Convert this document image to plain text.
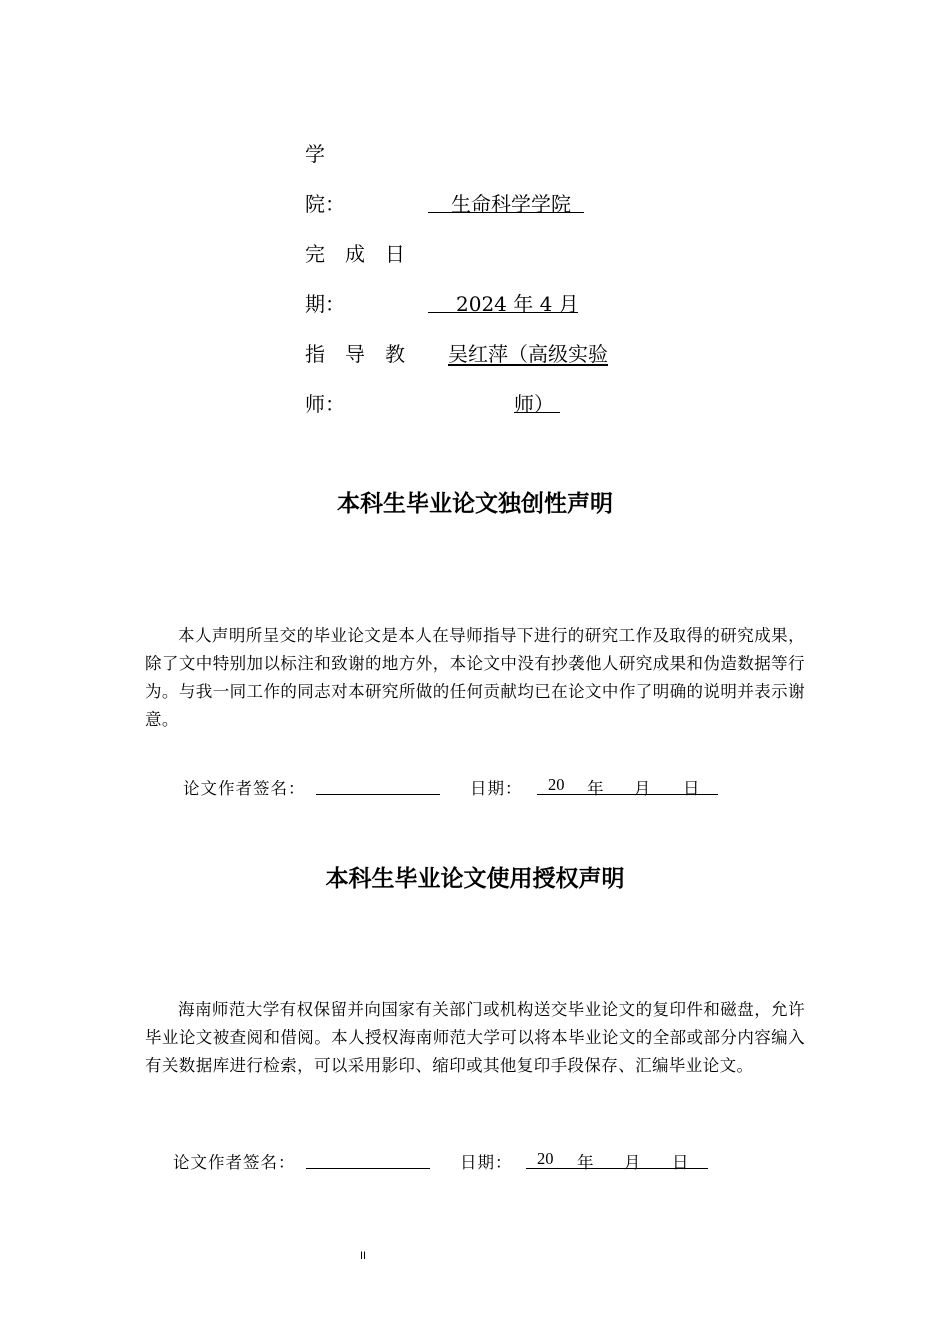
学
院：	生命科学学院
完　成　日
期：	2024 年 4 月
指　导　教 吴红萍（高级实验
师：	师）
本科生毕业论文独创性声明
本人声明所呈交的毕业论文是本人在导师指导下进行的研究工作及取得的研究成果，除了文中特别加以标注和致谢的地方外，本论文中没有抄袭他人研究成果和伪造数据等行为。与我一同工作的同志对本研究所做的任何贡献均已在论文中作了明确的说明并表示谢意。
论文作者签名：	日期： 20 年 月 日
本科生毕业论文使用授权声明
海南师范大学有权保留并向国家有关部门或机构送交毕业论文的复印件和磁盘，允许毕业论文被查阅和借阅。本人授权海南师范大学可以将本毕业论文的全部或部分内容编入有关数据库进行检索，可以采用影印、缩印或其他复印手段保存、汇编毕业论文。
论文作者签名：	日期： 20 年 月 日
II
